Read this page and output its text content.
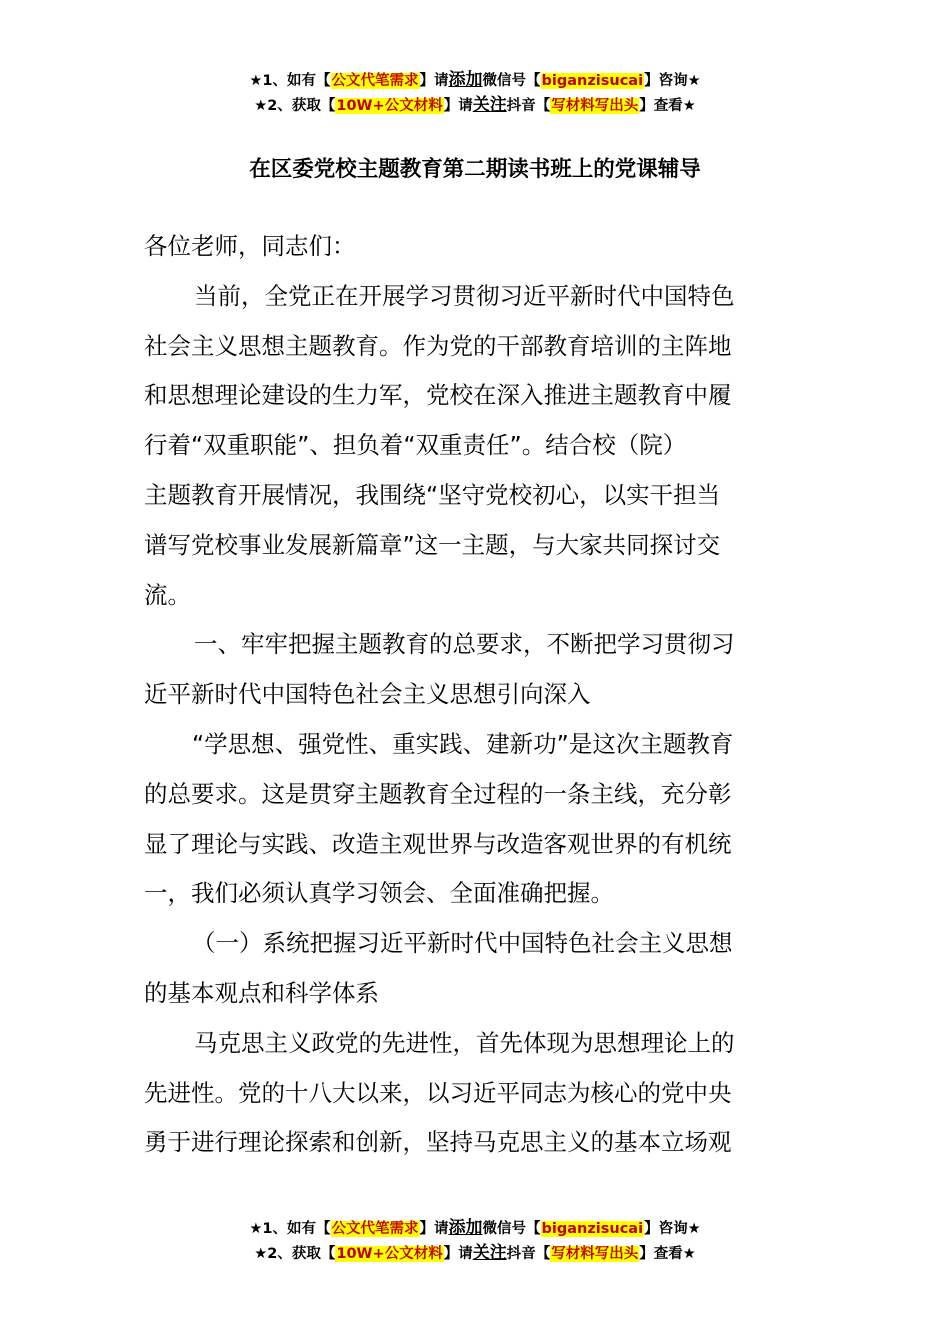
★1、如有【公文代笔需求】请添加微信号【biganzisucai】咨询★
★2、获取【10W+公文材料】请关注抖音【写材料写出头】查看★
在区委党校主题教育第二期读书班上的党课辅导
各位老师，同志们：
当前，全党正在开展学习贯彻习近平新时代中国特色
社会主义思想主题教育。作为党的干部教育培训的主阵地
和思想理论建设的生力军，党校在深入推进主题教育中履
行着“双重职能”、担负着“双重责任”。结合校（院）
主题教育开展情况，我围绕“坚守党校初心，以实干担当
谱写党校事业发展新篇章”这一主题，与大家共同探讨交
流。
一、牢牢把握主题教育的总要求，不断把学习贯彻习
近平新时代中国特色社会主义思想引向深入
“学思想、强党性、重实践、建新功”是这次主题教育
的总要求。这是贯穿主题教育全过程的一条主线，充分彰
显了理论与实践、改造主观世界与改造客观世界的有机统
一，我们必须认真学习领会、全面准确把握。
（一）系统把握习近平新时代中国特色社会主义思想
的基本观点和科学体系
马克思主义政党的先进性，首先体现为思想理论上的
先进性。党的十八大以来，以习近平同志为核心的党中央
勇于进行理论探索和创新，坚持马克思主义的基本立场观
★1、如有【公文代笔需求】请添加微信号【biganzisucai】咨询★
★2、获取【10W+公文材料】请关注抖音【写材料写出头】查看★
